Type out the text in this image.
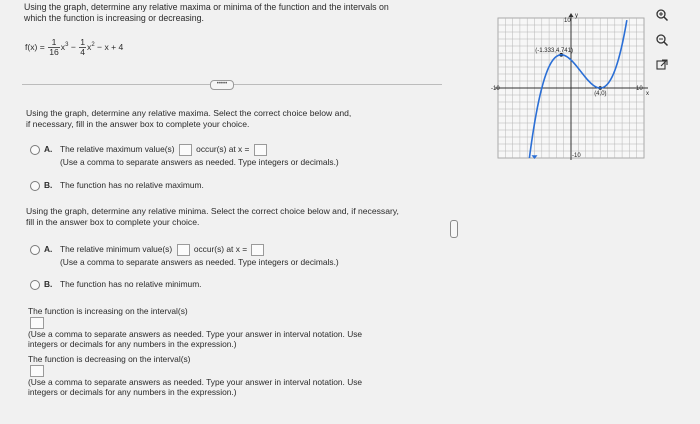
Using the graph, determine any relative maxima or minima of the function and the intervals on
which the function is increasing or decreasing.
$f(x) = \frac{1}{16} x^3 - \frac{1}{4} x^2 - x + 4$
•••••
Using the graph, determine any relative maxima. Select the correct choice below and,
if necessary, fill in the answer box to complete your choice.
A. The relative maximum value(s)	occur(s) at x =
(Use a comma to separate answers as needed. Type integers or decimals.)
B. The function has no relative maximum.
Using the graph, determine any relative minima. Select the correct choice below and, if necessary,
fill in the answer box to complete your choice.
A. The relative minimum value(s)	occur(s) at x =
(Use a comma to separate answers as needed. Type integers or decimals.)
B. The function has no relative minimum.
The function is increasing on the interval(s)
(Use a comma to separate answers as needed. Type your answer in interval notation. Use
integers or decimals for any numbers in the expression.)
The function is decreasing on the interval(s)
(Use a comma to separate answers as needed. Type your answer in interval notation. Use
integers or decimals for any numbers in the expression.)
10
y
x
-10
-10	10
(-1.333,4.741)
(4,0)
